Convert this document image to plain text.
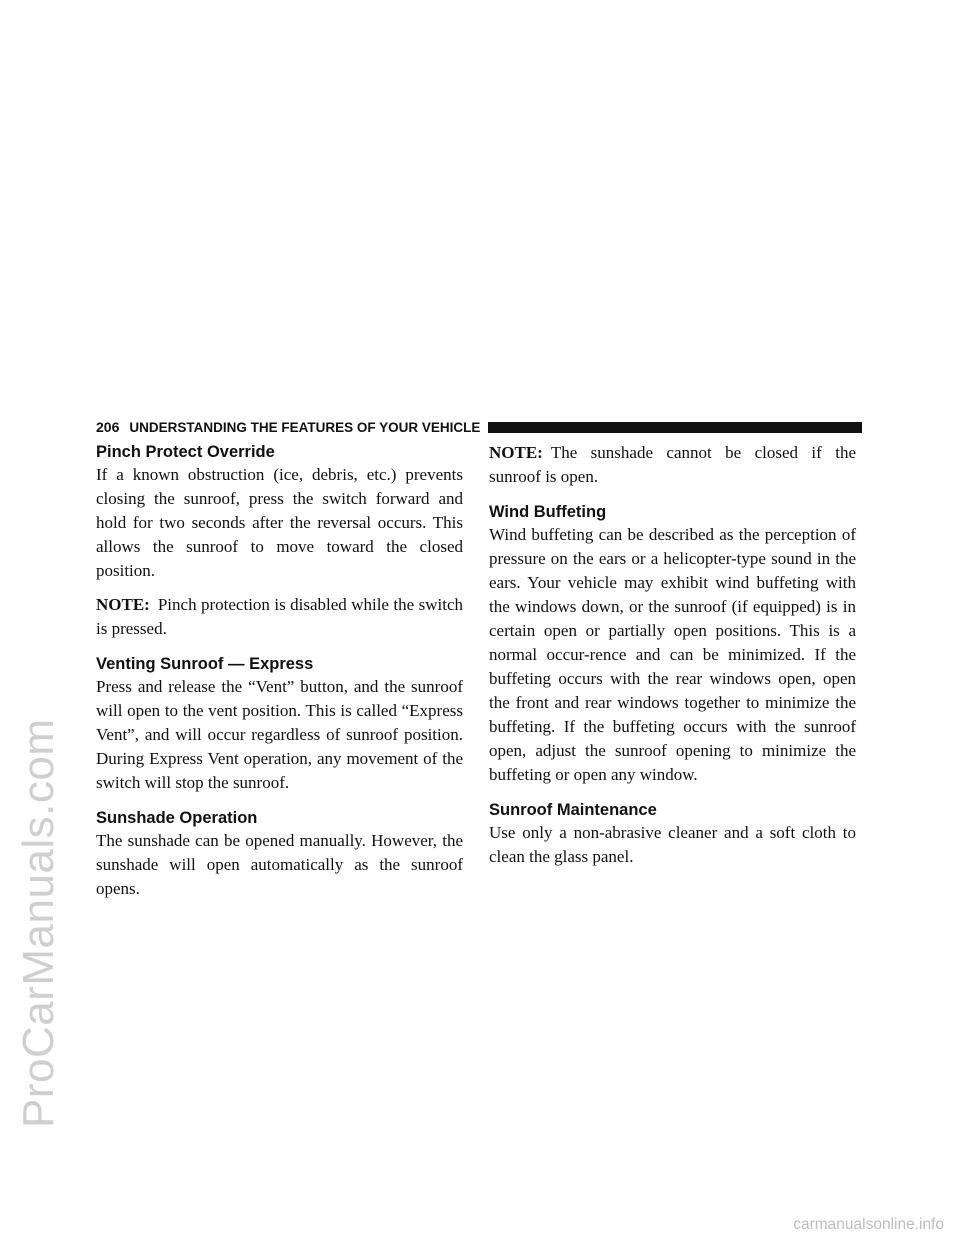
ProCarManuals.com
206 UNDERSTANDING THE FEATURES OF YOUR VEHICLE
Pinch Protect Override

If a known obstruction (ice, debris, etc.) prevents closing the sunroof, press the switch forward and hold for two seconds after the reversal occurs. This allows the sunroof to move toward the closed position.

NOTE: Pinch protection is disabled while the switch is pressed.

Venting Sunroof — Express

Press and release the “Vent” button, and the sunroof will open to the vent position. This is called “Express Vent”, and will occur regardless of sunroof position. During Express Vent operation, any movement of the switch will stop the sunroof.

Sunshade Operation

The sunshade can be opened manually. However, the sunshade will open automatically as the sunroof opens.

NOTE: The sunshade cannot be closed if the sunroof is open.

Wind Buffeting

Wind buffeting can be described as the perception of pressure on the ears or a helicopter-type sound in the ears. Your vehicle may exhibit wind buffeting with the windows down, or the sunroof (if equipped) is in certain open or partially open positions. This is a normal occur-rence and can be minimized. If the buffeting occurs with the rear windows open, open the front and rear windows together to minimize the buffeting. If the buffeting occurs with the sunroof open, adjust the sunroof opening to minimize the buffeting or open any window.

Sunroof Maintenance

Use only a non-abrasive cleaner and a soft cloth to clean the glass panel.

carmanualsonline.info
